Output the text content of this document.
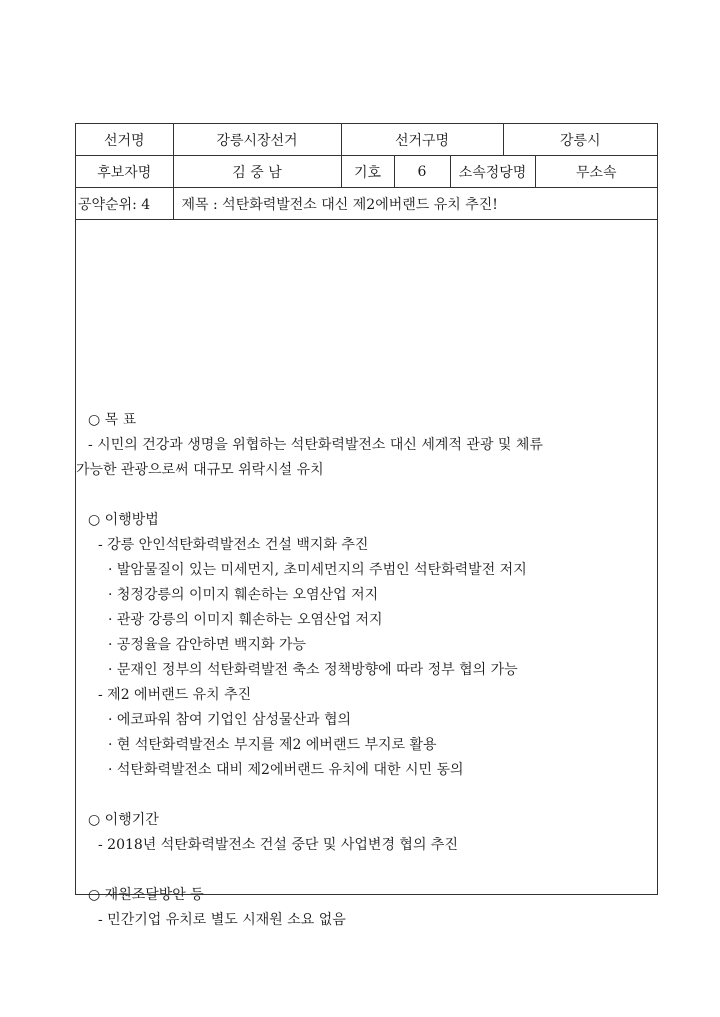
선거명	강릉시장선거	선거구명			강릉시	
후보자명	김 중 남	기호	6	소속정당명		무소속
공약순위: 4	제목 : 석탄화력발전소 대신 제2에버랜드 유치 추진!					
○ 목 표
- 시민의 건강과 생명을 위협하는 석탄화력발전소 대신 세계적 관광 및 체류
가능한 관광으로써 대규모 위락시설 유치
○ 이행방법
- 강릉 안인석탄화력발전소 건설 백지화 추진
· 발암물질이 있는 미세먼지, 초미세먼지의 주범인 석탄화력발전 저지
· 청정강릉의 이미지 훼손하는 오염산업 저지
· 관광 강릉의 이미지 훼손하는 오염산업 저지
· 공정율을 감안하면 백지화 가능
· 문재인 정부의 석탄화력발전 축소 정책방향에 따라 정부 협의 가능
- 제2 에버랜드 유치 추진
· 에코파워 참여 기업인 삼성물산과 협의
· 현 석탄화력발전소 부지를 제2 에버랜드 부지로 활용
· 석탄화력발전소 대비 제2에버랜드 유치에 대한 시민 동의
○ 이행기간
- 2018년 석탄화력발전소 건설 중단 및 사업변경 협의 추진
○ 재원조달방안 등
- 민간기업 유치로 별도 시재원 소요 없음
